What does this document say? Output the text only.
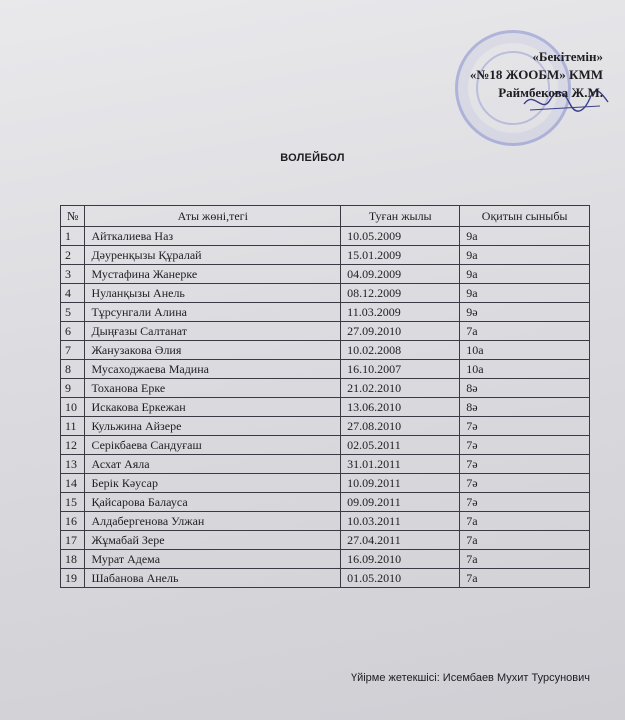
«Бекітемін»
«№18 ЖООБМ» КММ
Раймбекова Ж.М.
ВОЛЕЙБОЛ
№	Аты жөні,тегі	Туған жылы	Оқитын сыныбы
1	Айткалиева Наз	10.05.2009	9а
2	Дәуренқызы Құралай	15.01.2009	9а
3	Мустафина Жанерке	04.09.2009	9а
4	Нуланқызы Анель	08.12.2009	9а
5	Тұрсунгали Алина	11.03.2009	9ә
6	Дыңғазы Салтанат	27.09.2010	7а
7	Жанузакова Әлия	10.02.2008	10а
8	Мусаходжаева Мадина	16.10.2007	10а
9	Тоханова Ерке	21.02.2010	8ә
10	Искакова Еркежан	13.06.2010	8ә
11	Кульжина Айзере	27.08.2010	7ә
12	Серікбаева Сандуғаш	02.05.2011	7ә
13	Асхат Аяла	31.01.2011	7ә
14	Берік Кәусар	10.09.2011	7ә
15	Қайсарова Балауса	09.09.2011	7ә
16	Алдабергенова Улжан	10.03.2011	7а
17	Жұмабай Зере	27.04.2011	7а
18	Мурат Адема	16.09.2010	7а
19	Шабанова Анель	01.05.2010	7а
Үйірме жетекшісі: Исембаев Мухит Турсунович
